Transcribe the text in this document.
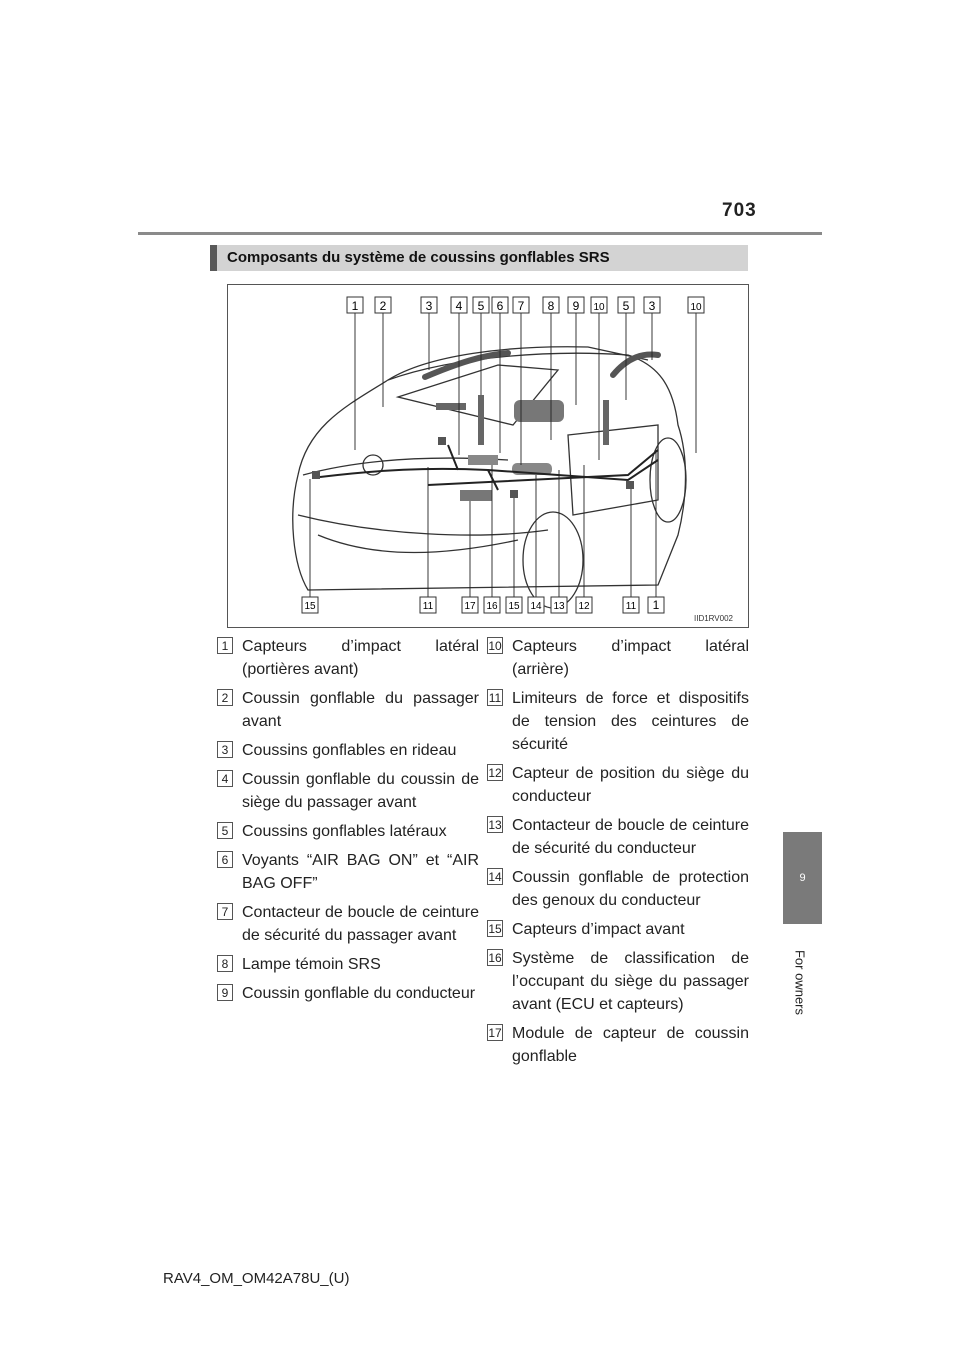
703
9
For owners
Composants du système de coussins gonflables SRS
1 2	3 4 5 6 7 8 9 10 5 3	10
15	11	17 16 15 14 13 12	11 1
IID1RV002
1 Capteurs d’impact latéral (portières avant)
2 Coussin gonflable du passager avant
3 Coussins gonflables en rideau
4 Coussin gonflable du coussin de siège du passager avant
5 Coussins gonflables latéraux
6 Voyants “AIR BAG ON” et “AIR BAG OFF”
7 Contacteur de boucle de ceinture de sécurité du passager avant
8 Lampe témoin SRS
9 Coussin gonflable du conducteur
10 Capteurs d’impact latéral (arrière)
11 Limiteurs de force et dispositifs de tension des ceintures de sécurité
12 Capteur de position du siège du conducteur
13 Contacteur de boucle de ceinture de sécurité du conducteur
14 Coussin gonflable de protection des genoux du conducteur
15 Capteurs d’impact avant
16 Système de classification de l’occupant du siège du passager avant (ECU et capteurs)
17 Module de capteur de coussin gonflable
RAV4_OM_OM42A78U_(U)
